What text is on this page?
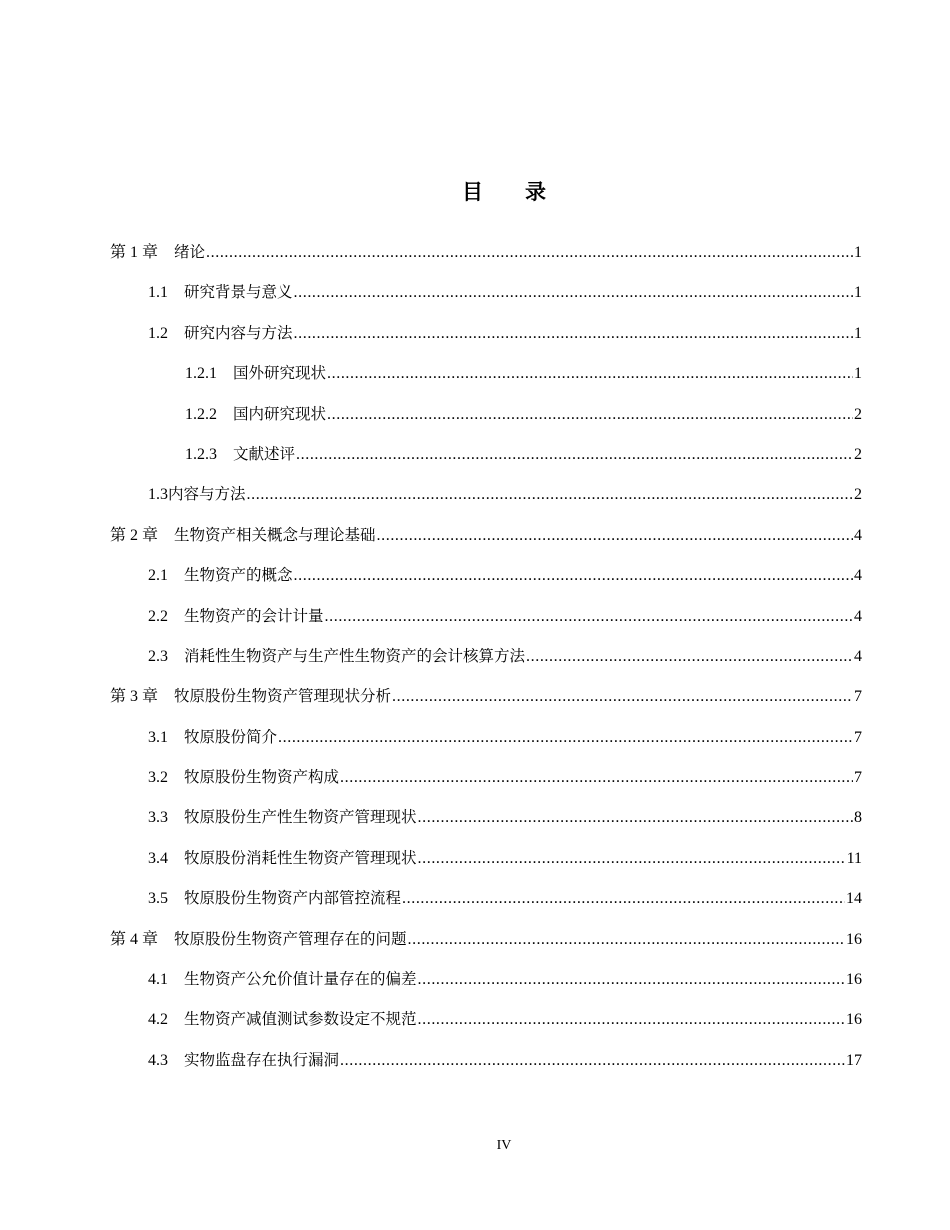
目 录
第 1 章 绪论 .....	1
1.1 研究背景与意义 .....	1
1.2 研究内容与方法 .....	1
1.2.1 国外研究现状 .....	1
1.2.2 国内研究现状 .....	2
1.2.3 文献述评 .....	2
1.3 内容与方法 .....	2
第 2 章 生物资产相关概念与理论基础 .....	4
2.1 生物资产的概念 .....	4
2.2 生物资产的会计计量 .....	4
2.3 消耗性生物资产与生产性生物资产的会计核算方法 .....	4
第 3 章 牧原股份生物资产管理现状分析 .....	7
3.1 牧原股份简介 .....	7
3.2 牧原股份生物资产构成 .....	7
3.3 牧原股份生产性生物资产管理现状 .....	8
3.4 牧原股份消耗性生物资产管理现状 .....	11
3.5 牧原股份生物资产内部管控流程 .....	14
第 4 章 牧原股份生物资产管理存在的问题 .....	16
4.1 生物资产公允价值计量存在的偏差 .....	16
4.2 生物资产减值测试参数设定不规范 .....	16
4.3 实物监盘存在执行漏洞 .....	17
IV
